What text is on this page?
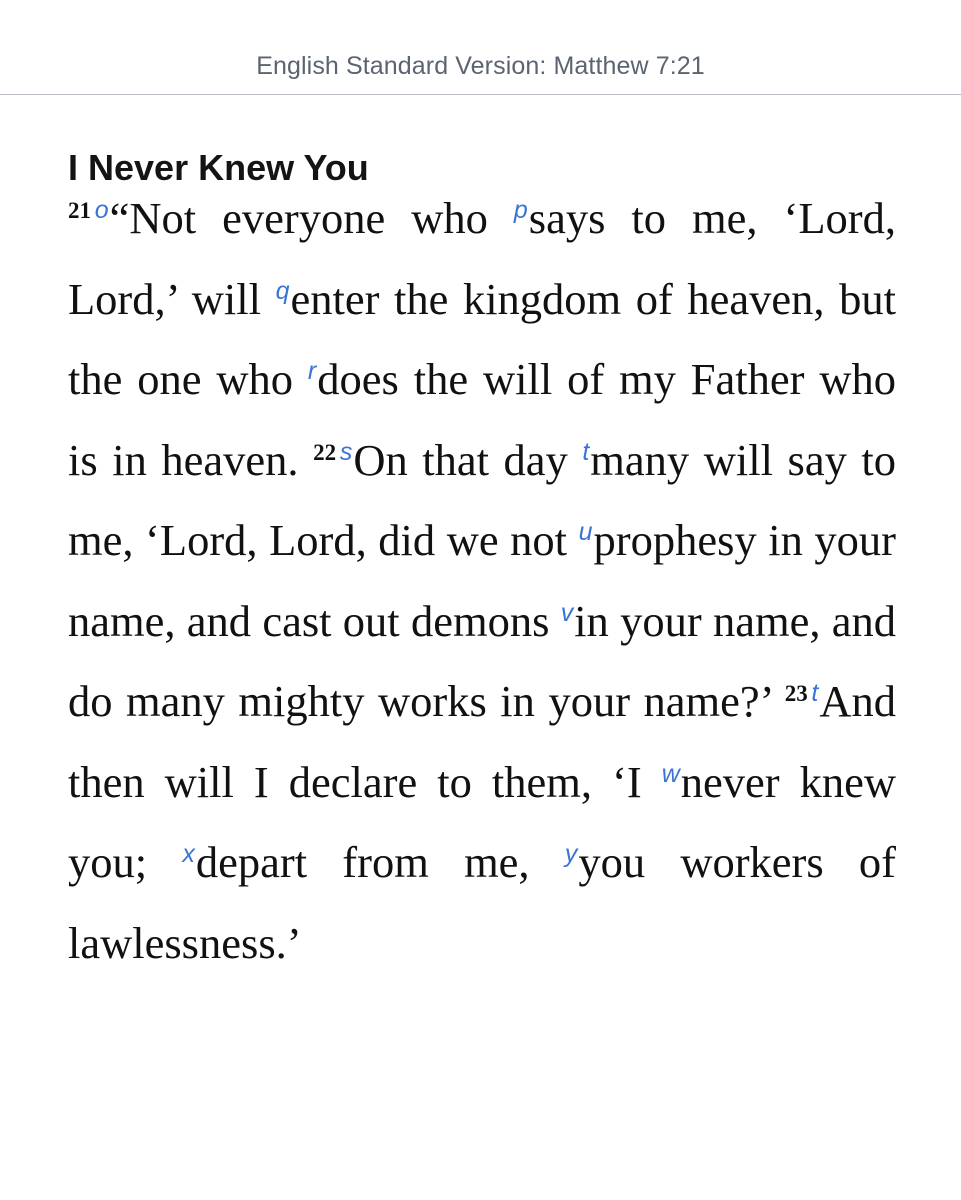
English Standard Version: Matthew 7:21
I Never Knew You

$^{21}$  $^o$“Not everyone who $^p$says to me, ‘Lord, Lord,’ will $^q$enter the kingdom of heaven, but the one who $^r$does the will of my Father who is in heaven. $^{22}$  $^s$On that day $^t$many will say to me, ‘Lord, Lord, did we not $^u$prophesy in your name, and cast out demons $^v$in your name, and do many mighty works in your name?’ $^{23}$  $^t$And then will I declare to them, ‘I $^w$never knew you; $^x$depart from me, $^y$you workers of lawlessness.’
